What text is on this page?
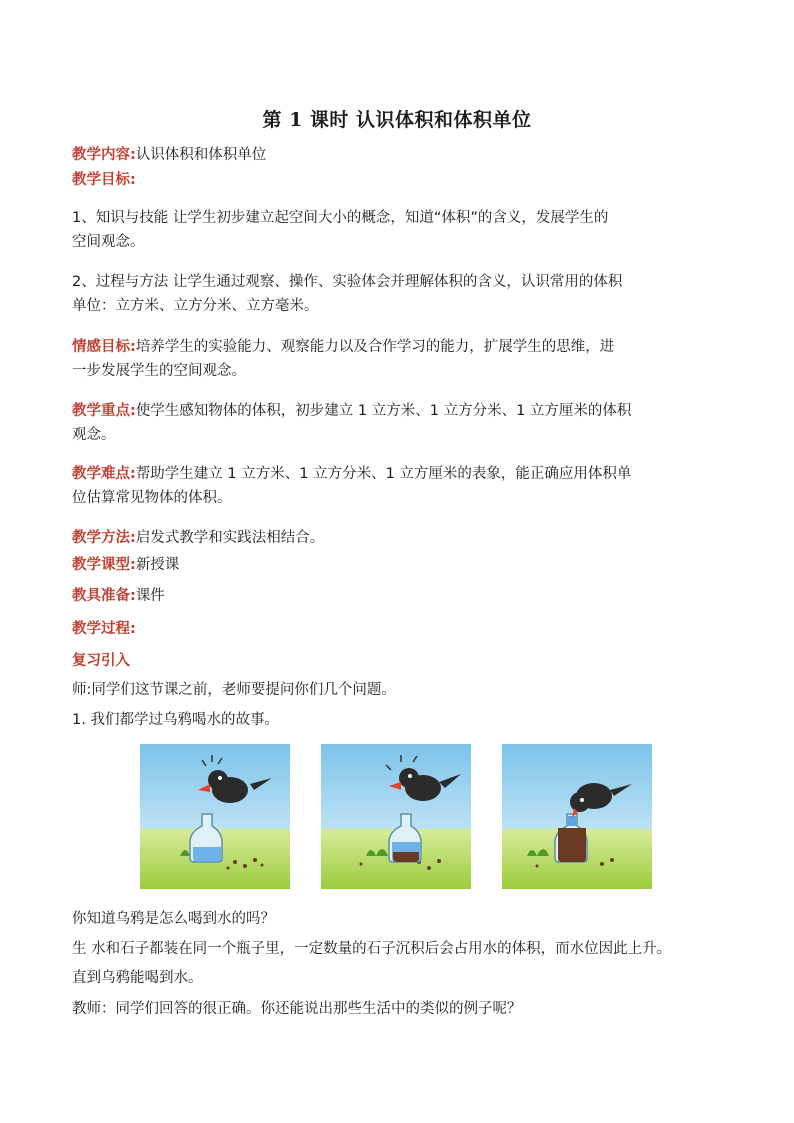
第 1 课时 认识体积和体积单位
教学内容:认识体积和体积单位
教学目标:
1、知识与技能 让学生初步建立起空间大小的概念，知道“体积”的含义，发展学生的
空间观念。
2、过程与方法 让学生通过观察、操作、实验体会并理解体积的含义，认识常用的体积
单位：立方米、立方分米、立方毫米。
情感目标:培养学生的实验能力、观察能力以及合作学习的能力，扩展学生的思维，进
一步发展学生的空间观念。
教学重点:使学生感知物体的体积，初步建立 1 立方米、1 立方分米、1 立方厘米的体积
观念。
教学难点:帮助学生建立 1 立方米、1 立方分米、1 立方厘米的表象，能正确应用体积单
位估算常见物体的体积。
教学方法:启发式教学和实践法相结合。
教学课型:新授课
教具准备:课件
教学过程:
复习引入
师:同学们这节课之前，老师要提问你们几个问题。
1. 我们都学过乌鸦喝水的故事。
你知道乌鸦是怎么喝到水的吗？
生 水和石子都装在同一个瓶子里，一定数量的石子沉积后会占用水的体积，而水位因此上升。
直到乌鸦能喝到水。
教师：同学们回答的很正确。你还能说出那些生活中的类似的例子呢？
